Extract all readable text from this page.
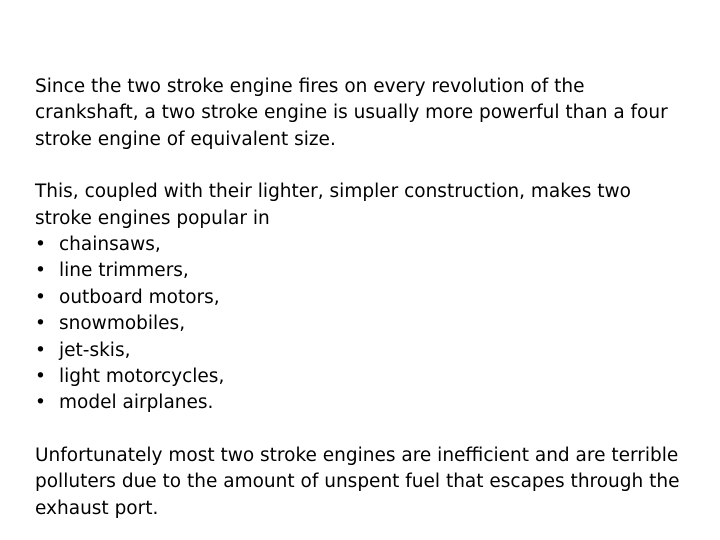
Since the two stroke engine fires on every revolution of the crankshaft, a two stroke engine is usually more powerful than a four stroke engine of equivalent size.

This, coupled with their lighter, simpler construction, makes two stroke engines popular in

• chainsaws,
• line trimmers,
• outboard motors,
• snowmobiles,
• jet-skis,
• light motorcycles,
• model airplanes.

Unfortunately most two stroke engines are inefficient and are terrible polluters due to the amount of unspent fuel that escapes through the exhaust port.
